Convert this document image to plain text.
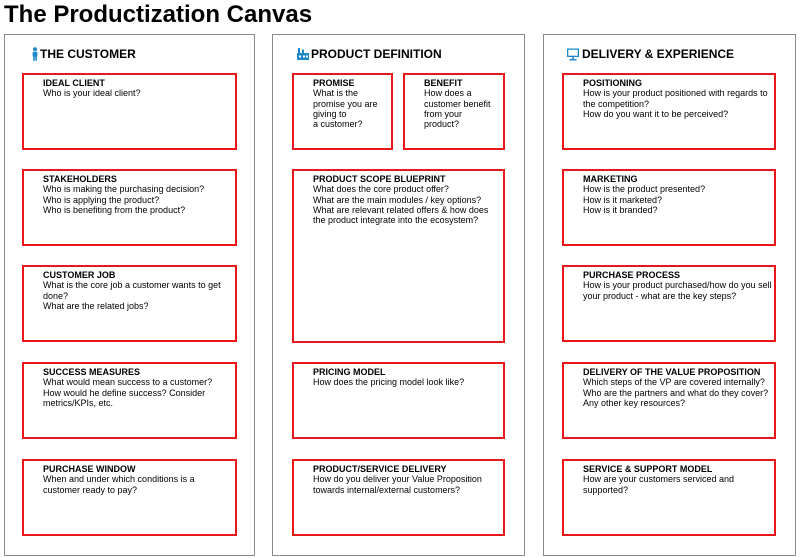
The Productization Canvas
THE CUSTOMER
IDEAL CLIENT
Who is your ideal client?
STAKEHOLDERS
Who is making the purchasing decision?
Who is applying the product?
Who is benefiting from the product?
CUSTOMER JOB
What is the core job a customer wants to get
done?
What are the related jobs?
SUCCESS MEASURES
What would mean success to a customer?
How would he define success? Consider
metrics/KPIs, etc.
PURCHASE WINDOW
When and under which conditions is a
customer ready to pay?
PRODUCT DEFINITION
PROMISE
What is the
promise you are
giving to
a customer?
BENEFIT
How does a
customer benefit
from your
product?
PRODUCT SCOPE BLUEPRINT
What does the core product offer?
What are the main modules / key options?
What are relevant related offers & how does
the product integrate into the ecosystem?
PRICING MODEL
How does the pricing model look like?
PRODUCT/SERVICE DELIVERY
How do you deliver your Value Proposition
towards internal/external customers?
DELIVERY & EXPERIENCE
POSITIONING
How is your product positioned with regards to
the competition?
How do you want it to be perceived?
MARKETING
How is the product presented?
How is it marketed?
How is it branded?
PURCHASE PROCESS
How is your product purchased/how do you sell
your product - what are the key steps?
DELIVERY OF THE VALUE PROPOSITION
Which steps of the VP are covered internally?
Who are the partners and what do they cover?
Any other key resources?
SERVICE & SUPPORT MODEL
How are your customers serviced and
supported?
